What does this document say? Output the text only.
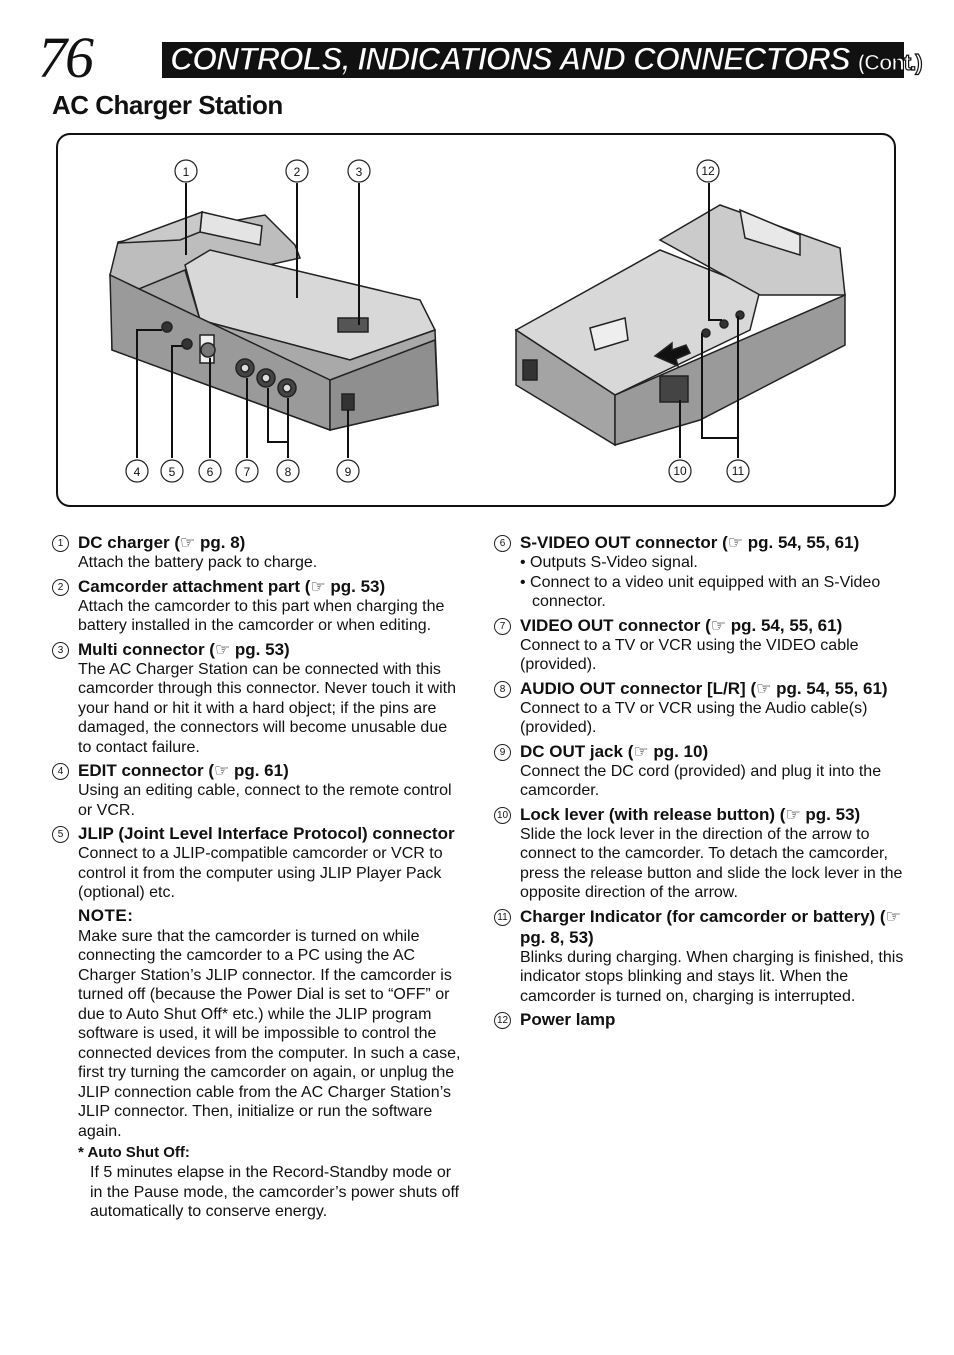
76 CONTROLS, INDICATIONS AND CONNECTORS (Cont.)
AC Charger Station
1	2	3	12
4 5	6	7	8	9	10	11
1 DC charger (☞ pg. 8)
Attach the battery pack to charge.
2 Camcorder attachment part (☞ pg. 53)
Attach the camcorder to this part when charging the battery installed in the camcorder or when editing.
3 Multi connector (☞ pg. 53)
The AC Charger Station can be connected with this camcorder through this connector. Never touch it with your hand or hit it with a hard object; if the pins are damaged, the connectors will become unusable due to contact failure.
4 EDIT connector (☞ pg. 61)
Using an editing cable, connect to the remote control or VCR.
5 JLIP (Joint Level Interface Protocol) connector
Connect to a JLIP-compatible camcorder or VCR to control it from the computer using JLIP Player Pack (optional) etc.
NOTE:
Make sure that the camcorder is turned on while connecting the camcorder to a PC using the AC Charger Station’s JLIP connector. If the camcorder is turned off (because the Power Dial is set to “OFF” or due to Auto Shut Off* etc.) while the JLIP program software is used, it will be impossible to control the connected devices from the computer. In such a case, first try turning the camcorder on again, or unplug the JLIP connection cable from the AC Charger Station’s JLIP connector. Then, initialize or run the software again.
* Auto Shut Off:
If 5 minutes elapse in the Record-Standby mode or in the Pause mode, the camcorder’s power shuts off automatically to conserve energy.
6 S-VIDEO OUT connector (☞ pg. 54, 55, 61)
• Outputs S-Video signal.
• Connect to a video unit equipped with an S-Video connector.
7 VIDEO OUT connector (☞ pg. 54, 55, 61)
Connect to a TV or VCR using the VIDEO cable (provided).
8 AUDIO OUT connector [L/R] (☞ pg. 54, 55, 61)
Connect to a TV or VCR using the Audio cable(s) (provided).
9 DC OUT jack (☞ pg. 10)
Connect the DC cord (provided) and plug it into the camcorder.
10 Lock lever (with release button) (☞ pg. 53)
Slide the lock lever in the direction of the arrow to connect to the camcorder. To detach the camcorder, press the release button and slide the lock lever in the opposite direction of the arrow.
11 Charger Indicator (for camcorder or battery) (☞ pg. 8, 53)
Blinks during charging. When charging is finished, this indicator stops blinking and stays lit. When the camcorder is turned on, charging is interrupted.
12 Power lamp
